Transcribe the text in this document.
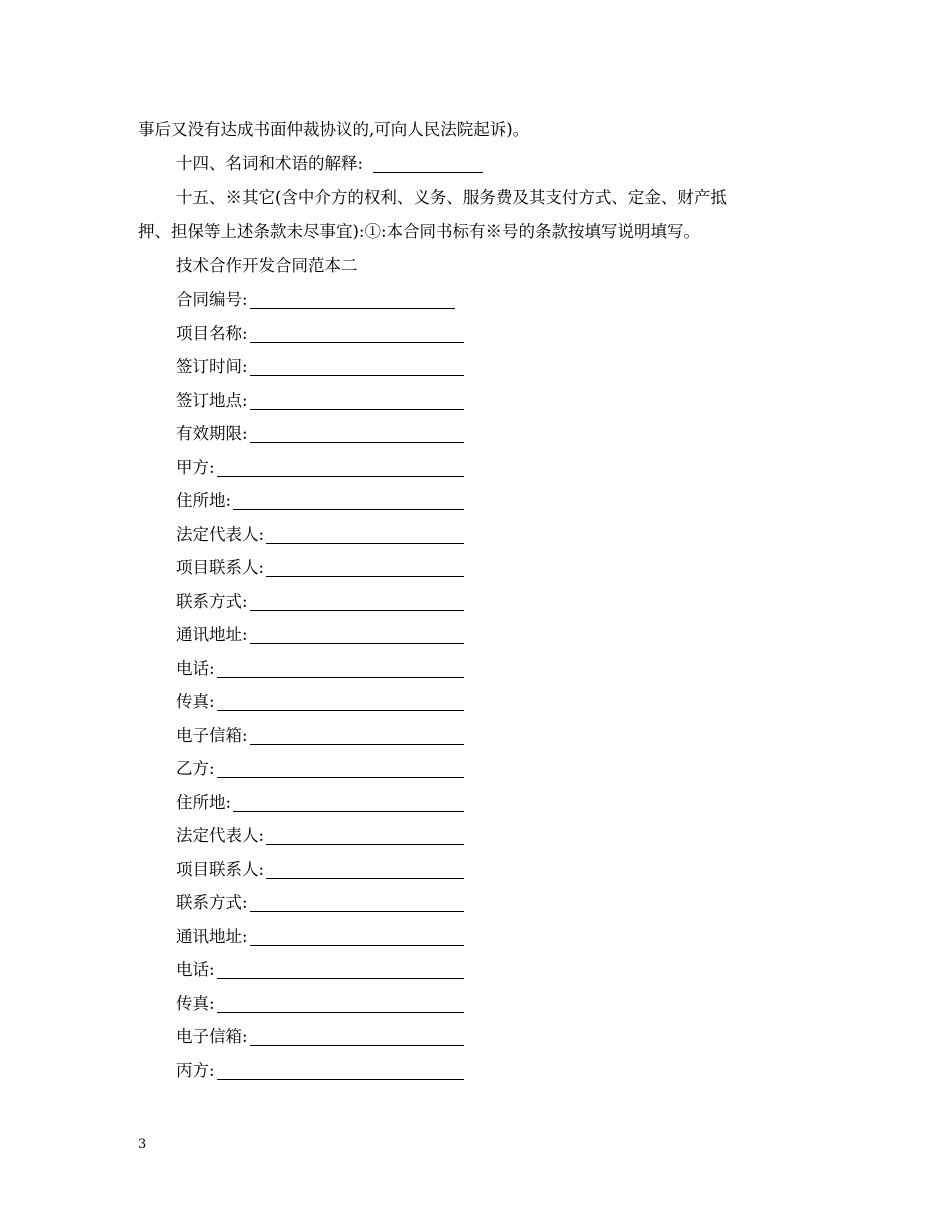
事后又没有达成书面仲裁协议的,可向人民法院起诉)。
十四、名词和术语的解释:
十五、※其它(含中介方的权利、义务、服务费及其支付方式、定金、财产抵
押、担保等上述条款未尽事宜):①:本合同书标有※号的条款按填写说明填写。
技术合作开发合同范本二
合同编号:
项目名称:
签订时间:
签订地点:
有效期限:
甲方:
住所地:
法定代表人:
项目联系人:
联系方式:
通讯地址:
电话:
传真:
电子信箱:
乙方:
住所地:
法定代表人:
项目联系人:
联系方式:
通讯地址:
电话:
传真:
电子信箱:
丙方:
3
